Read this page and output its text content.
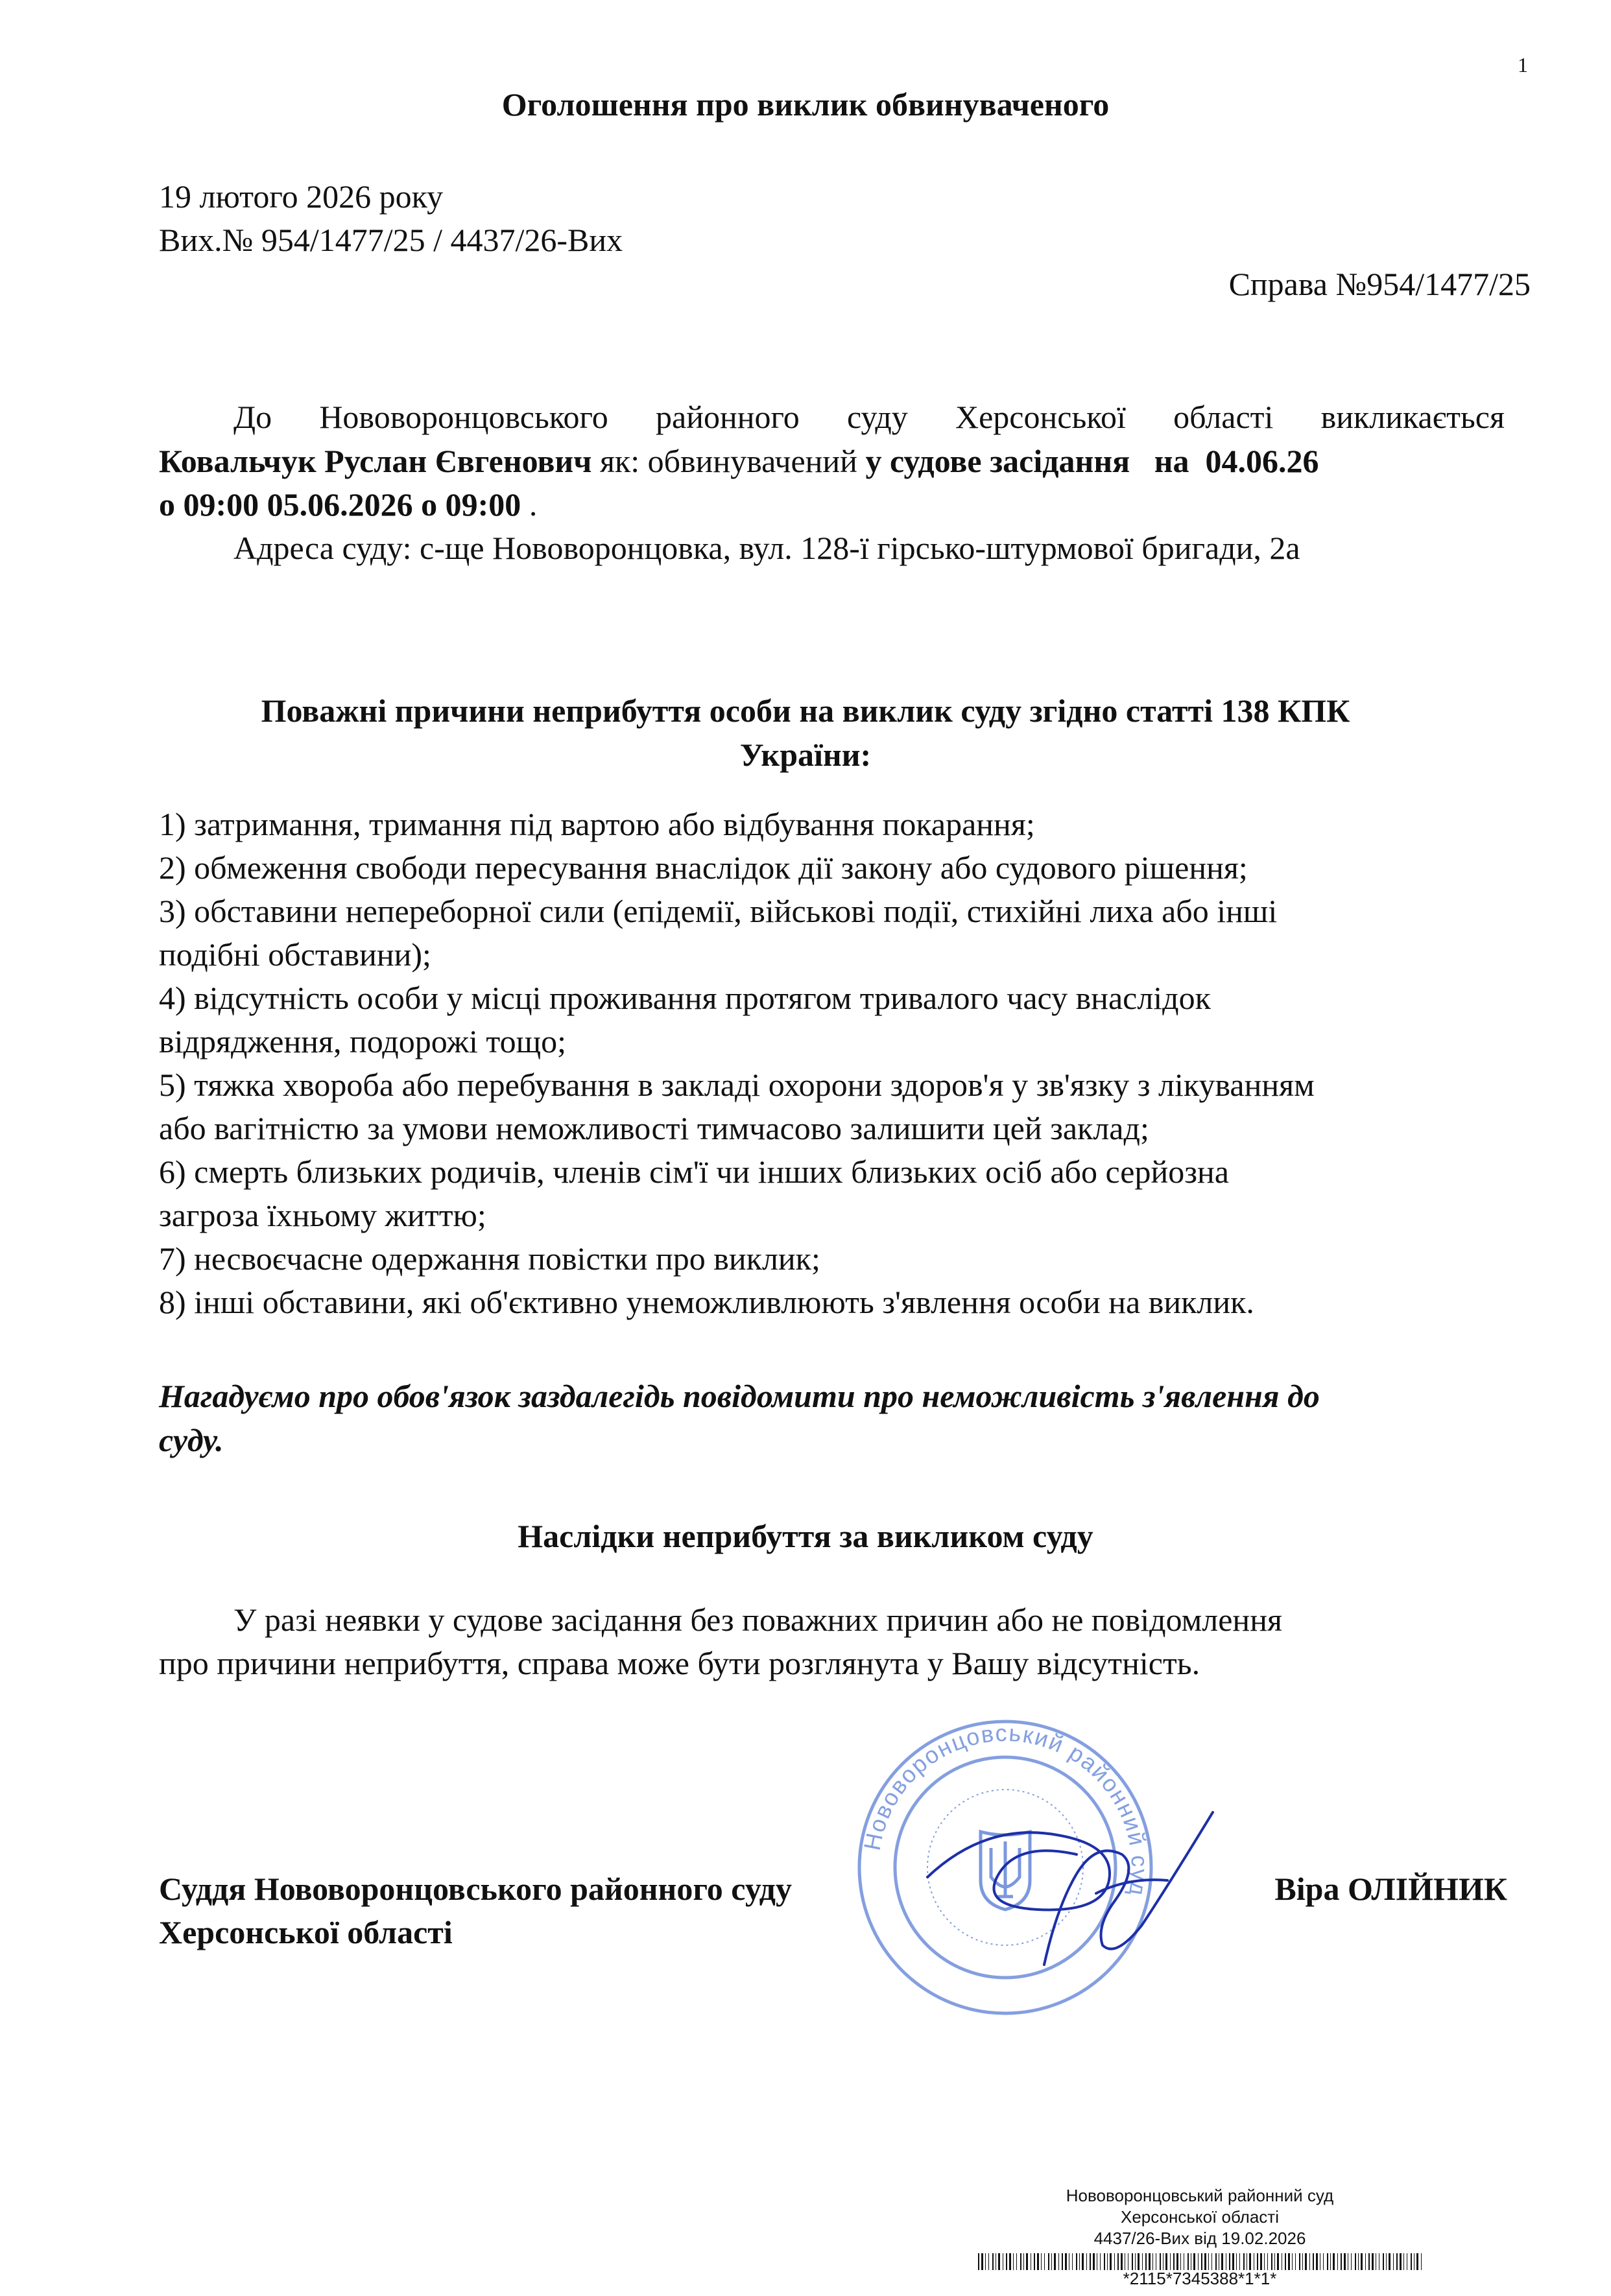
1
Оголошення про виклик обвинуваченого
19 лютого 2026 року
Вих.№ 954/1477/25 / 4437/26-Вих
Справа №954/1477/25
До Нововоронцовського районного суду Херсонської області викликається
Ковальчук Руслан Євгенович як: обвинувачений у судове засідання   на  04.06.26
о 09:00 05.06.2026 о 09:00 .
Адреса суду: с-ще Нововоронцовка, вул. 128-ї гірсько-штурмової бригади, 2а
Поважні причини неприбуття особи на виклик суду згідно статті 138 КПК
України:
1) затримання, тримання під вартою або відбування покарання;
2) обмеження свободи пересування внаслідок дії закону або судового рішення;
3) обставини непереборної сили (епідемії, військові події, стихійні лиха або інші
подібні обставини);
4) відсутність особи у місці проживання протягом тривалого часу внаслідок
відрядження, подорожі тощо;
5) тяжка хвороба або перебування в закладі охорони здоров'я у зв'язку з лікуванням
або вагітністю за умови неможливості тимчасово залишити цей заклад;
6) смерть близьких родичів, членів сім'ї чи інших близьких осіб або серйозна
загроза їхньому життю;
7) несвоєчасне одержання повістки про виклик;
8) інші обставини, які об'єктивно унеможливлюють з'явлення особи на виклик.
Нагадуємо про обов'язок заздалегідь повідомити про неможливість з'явлення до
суду.
Наслідки неприбуття за викликом суду
У разі неявки у судове засідання без поважних причин або не повідомлення
про причини неприбуття, справа може бути розглянута у Вашу відсутність.
Нововоронцовський районний суд
Суддя Нововоронцовського районного суду
Херсонської області
Віра ОЛІЙНИК
Нововоронцовський районний суд
Херсонської області
4437/26-Вих від 19.02.2026
*2115*7345388*1*1*
